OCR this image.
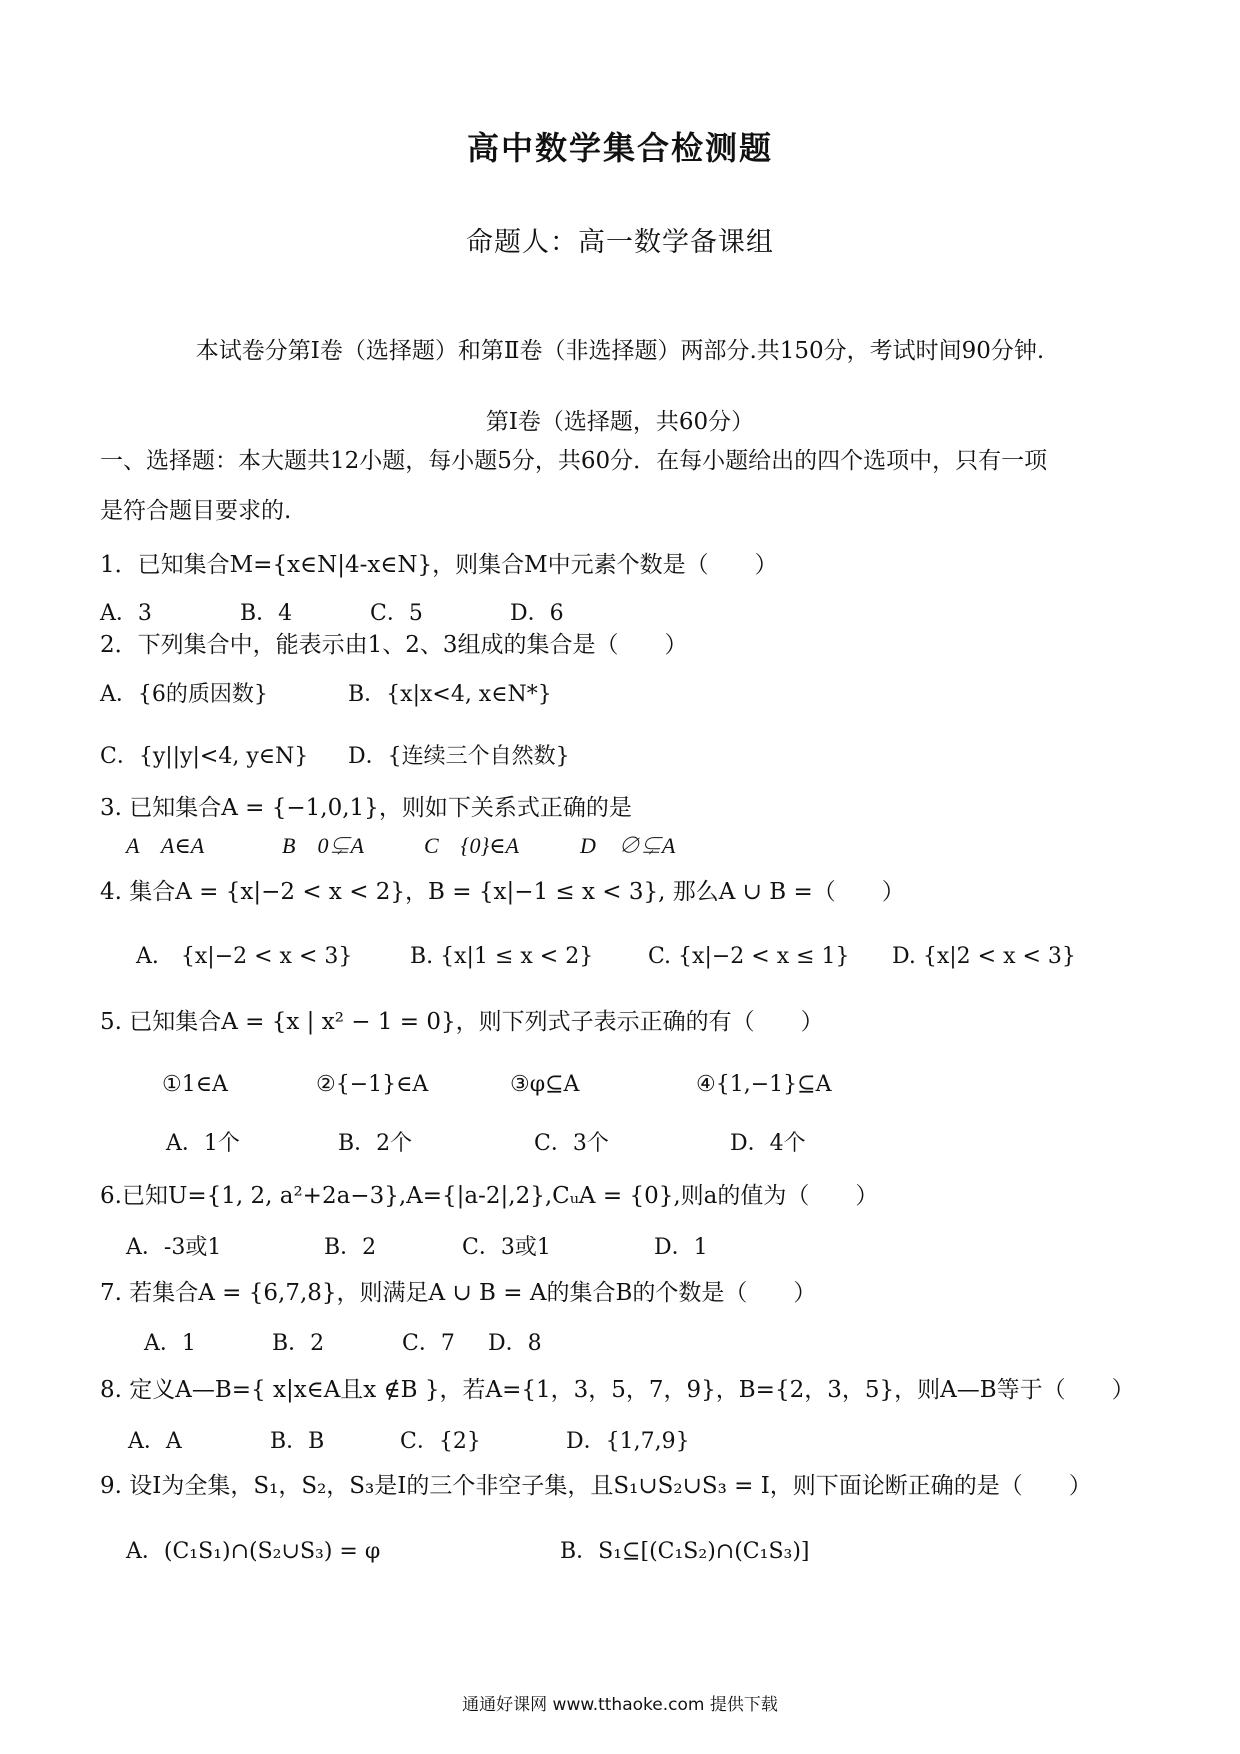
高中数学集合检测题
命题人：高一数学备课组
本试卷分第Ⅰ卷（选择题）和第Ⅱ卷（非选择题）两部分.共150分，考试时间90分钟.
第Ⅰ卷（选择题，共60分）
一、选择题：本大题共12小题，每小题5分，共60分．在每小题给出的四个选项中，只有一项
是符合题目要求的.
1．已知集合M={x∈N|4-x∈N}，则集合M中元素个数是（　　）
A．3	B．4	C．5	D．6
2．下列集合中，能表示由1、2、3组成的集合是（　　）
A．{6的质因数}	B．{x|x<4, x∈N*}
C．{y||y|<4, y∈N} D．{连续三个自然数}
3. 已知集合A = {−1,0,1}，则如下关系式正确的是
A　A∈A	B　0⊊A	C　{0}∈A	D　∅⊊A
4. 集合A = {x|−2 < x < 2}，B = {x|−1 ≤ x < 3}, 那么A ∪ B =（　　）
A.　{x|−2 < x < 3}	B. {x|1 ≤ x < 2} C. {x|−2 < x ≤ 1} D. {x|2 < x < 3}
5. 已知集合A = {x | x² − 1 = 0}，则下列式子表示正确的有（　　）
①1∈A	②{−1}∈A	③φ⊆A	④{1,−1}⊆A
A．1个	B．2个	C．3个	D．4个
6.已知U={1, 2, a²+2a−3},A={|a-2|,2},CᵤA = {0},则a的值为（　　）
A．-3或1	B．2	C．3或1	D．1
7. 若集合A = {6,7,8}，则满足A ∪ B = A的集合B的个数是（　　）
A．1	B．2	C．7 D．8
8. 定义A—B={ x|x∈A且x ∉B }，若A={1，3，5，7，9}，B={2，3，5}，则A—B等于（　　）
A．A	B．B	C．{2}	D．{1,7,9}
9. 设I为全集，S₁，S₂，S₃是I的三个非空子集，且S₁∪S₂∪S₃ = I，则下面论断正确的是（　　）
A．(C₁S₁)∩(S₂∪S₃) = φ	B．S₁⊆[(C₁S₂)∩(C₁S₃)]
通通好课网 www.tthaoke.com 提供下载
